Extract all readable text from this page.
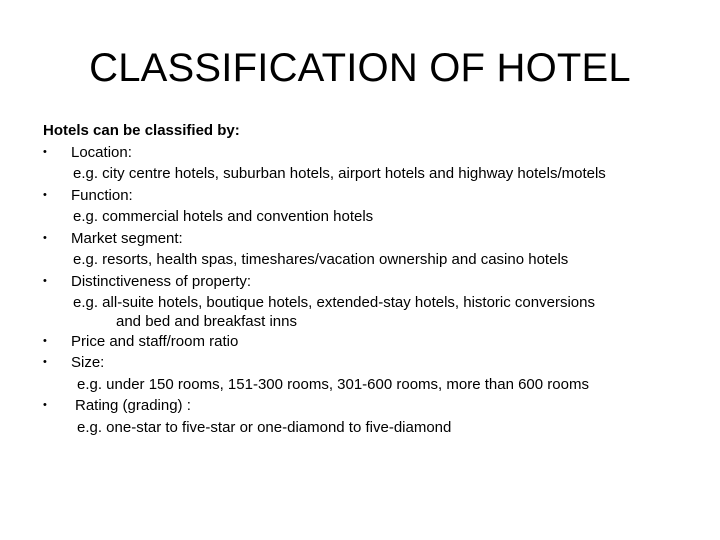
CLASSIFICATION OF HOTEL

Hotels can be classified by:

•	Location:
e.g. city centre hotels, suburban hotels, airport hotels and highway hotels/motels
•	Function:
e.g. commercial hotels and convention hotels
•	Market segment:
e.g. resorts, health spas, timeshares/vacation ownership and casino hotels
•	Distinctiveness of property:
e.g. all-suite hotels, boutique hotels, extended-stay hotels, historic conversions
and bed and breakfast inns
•	Price and staff/room ratio
•	Size:
e.g. under 150 rooms, 151-300 rooms, 301-600 rooms, more than 600 rooms
•	Rating (grading) :
e.g. one-star to five-star or one-diamond to five-diamond
